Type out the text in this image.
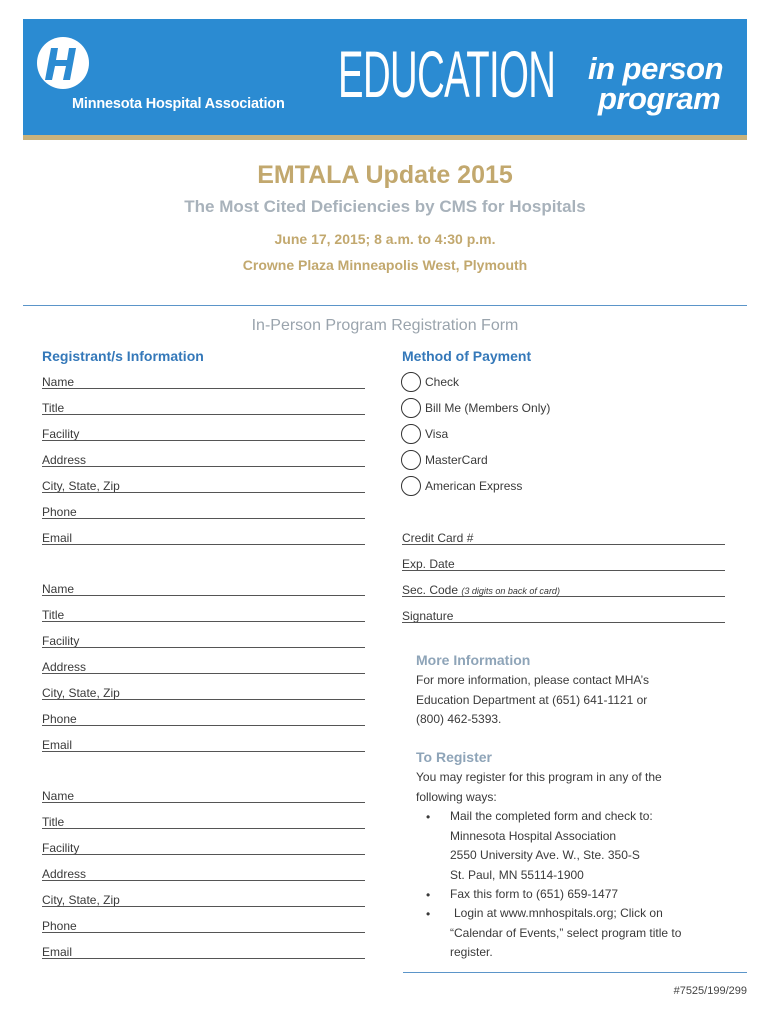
Minnesota Hospital Association EDUCATION in person
program
EMTALA Update 2015
The Most Cited Deficiencies by CMS for Hospitals
June 17, 2015; 8 a.m. to 4:30 p.m.
Crowne Plaza Minneapolis West, Plymouth
In-Person Program Registration Form
Registrant/s Information
Name
Title
Facility
Address
City, State, Zip
Phone
Email
Name
Title
Facility
Address
City, State, Zip
Phone
Email
Name
Title
Facility
Address
City, State, Zip
Phone
Email
Method of Payment
Check
Bill Me (Members Only)
Visa
MasterCard
American Express
Credit Card #
Exp. Date
Sec. Code (3 digits on back of card)
Signature
More Information
For more information, please contact MHA’s
Education Department at (651) 641-1121 or
(800) 462-5393.
To Register
You may register for this program in any of the
following ways:
• Mail the completed form and check to:
Minnesota Hospital Association
2550 University Ave. W., Ste. 350-S
St. Paul, MN 55114-1900
• Fax this form to (651) 659-1477
•	Login at www.mnhospitals.org; Click on
“Calendar of Events,” select program title to
register.
#7525/199/299
